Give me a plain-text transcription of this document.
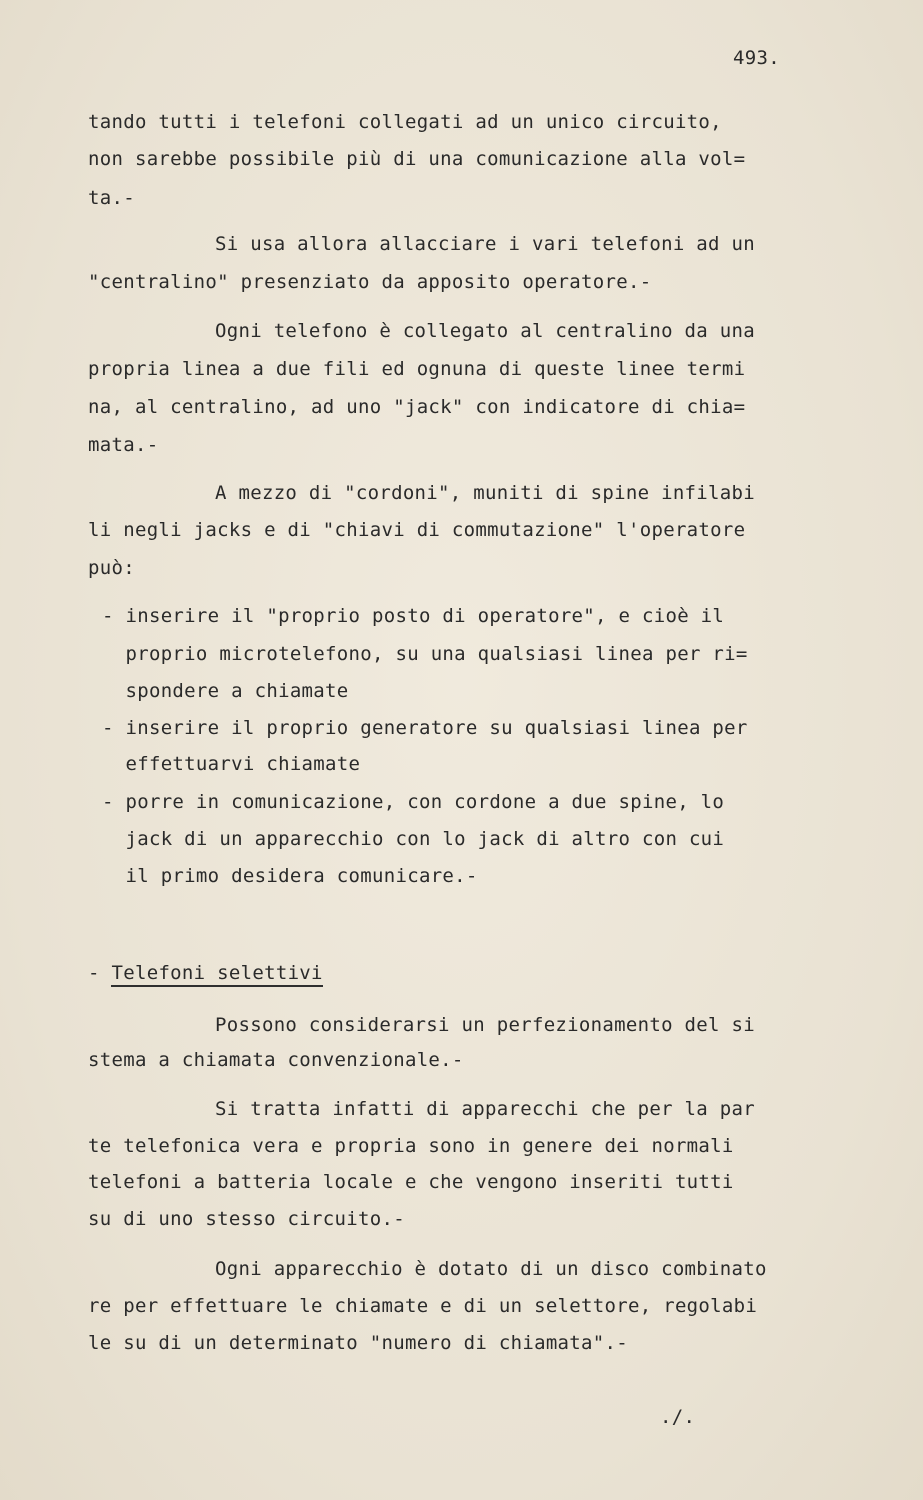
493.
tando tutti i telefoni collegati ad un unico circuito,
non sarebbe possibile più di una comunicazione alla vol=
ta.-
Si usa allora allacciare i vari telefoni ad un
"centralino" presenziato da apposito operatore.-
Ogni telefono è collegato al centralino da una
propria linea a due fili ed ognuna di queste linee termi
na, al centralino, ad uno "jack" con indicatore di chia=
mata.-
A mezzo di "cordoni", muniti di spine infilabi
li negli jacks e di "chiavi di commutazione" l'operatore
può:
- inserire il "proprio posto di operatore", e cioè il
proprio microtelefono, su una qualsiasi linea per ri=
spondere a chiamate
- inserire il proprio generatore su qualsiasi linea per
effettuarvi chiamate
- porre in comunicazione, con cordone a due spine, lo
jack di un apparecchio con lo jack di altro con cui
il primo desidera comunicare.-
- Telefoni selettivi
Possono considerarsi un perfezionamento del si
stema a chiamata convenzionale.-
Si tratta infatti di apparecchi che per la par
te telefonica vera e propria sono in genere dei normali
telefoni a batteria locale e che vengono inseriti tutti
su di uno stesso circuito.-
Ogni apparecchio è dotato di un disco combinato
re per effettuare le chiamate e di un selettore, regolabi
le su di un determinato "numero di chiamata".-
./.
